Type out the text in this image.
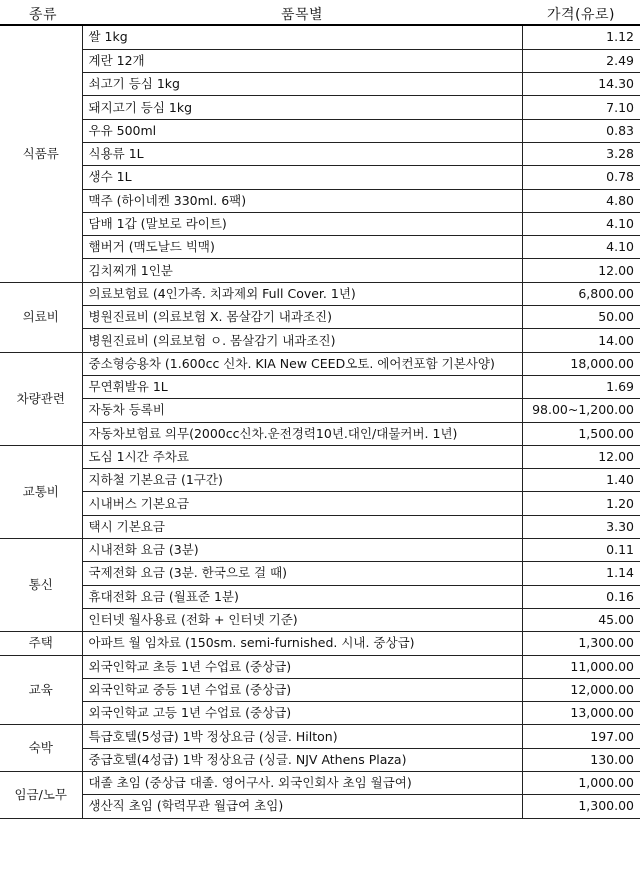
종류	품목별	가격(유로)
식품류	쌀 1kg	1.12
	계란 12개	2.49
	쇠고기 등심 1kg	14.30
	돼지고기 등심 1kg	7.10
	우유 500ml	0.83
	식용류 1L	3.28
	생수 1L	0.78
	맥주 (하이네켄 330ml. 6팩)	4.80
	담배 1갑 (말보로 라이트)	4.10
	햄버거 (맥도날드 빅맥)	4.10
	김치찌개 1인분	12.00
의료비	의료보험료 (4인가족. 치과제외 Full Cover. 1년)	6,800.00
	병원진료비 (의료보험 X. 몸살감기 내과조진)	50.00
	병원진료비 (의료보험 ㅇ. 몸살감기 내과조진)	14.00
차량관련	중소형승용차 (1.600cc 신차. KIA New CEED오토. 에어컨포함 기본사양)	18,000.00
	무연휘발유 1L	1.69
	자동차 등록비	98.00~1,200.00
	자동차보험료 의무(2000cc신차.운전경력10년.대인/대물커버. 1년)	1,500.00
교통비	도심 1시간 주차료	12.00
	지하철 기본요금 (1구간)	1.40
	시내버스 기본요금	1.20
	택시 기본요금	3.30
통신	시내전화 요금 (3분)	0.11
	국제전화 요금 (3분. 한국으로 걸 때)	1.14
	휴대전화 요금 (월표준 1분)	0.16
	인터넷 월사용료 (전화 + 인터넷 기준)	45.00
주택	아파트 월 임차료 (150sm. semi-furnished. 시내. 중상급)	1,300.00
교육	외국인학교 초등 1년 수업료 (중상급)	11,000.00
	외국인학교 중등 1년 수업료 (중상급)	12,000.00
	외국인학교 고등 1년 수업료 (중상급)	13,000.00
숙박	특급호텔(5성급) 1박 정상요금 (싱글. Hilton)	197.00
	중급호텔(4성급) 1박 정상요금 (싱글. NJV Athens Plaza)	130.00
임금/노무	대졸 초임 (중상급 대졸. 영어구사. 외국인회사 초임 월급여)	1,000.00
	생산직 초임 (학력무관 월급여 초임)	1,300.00
